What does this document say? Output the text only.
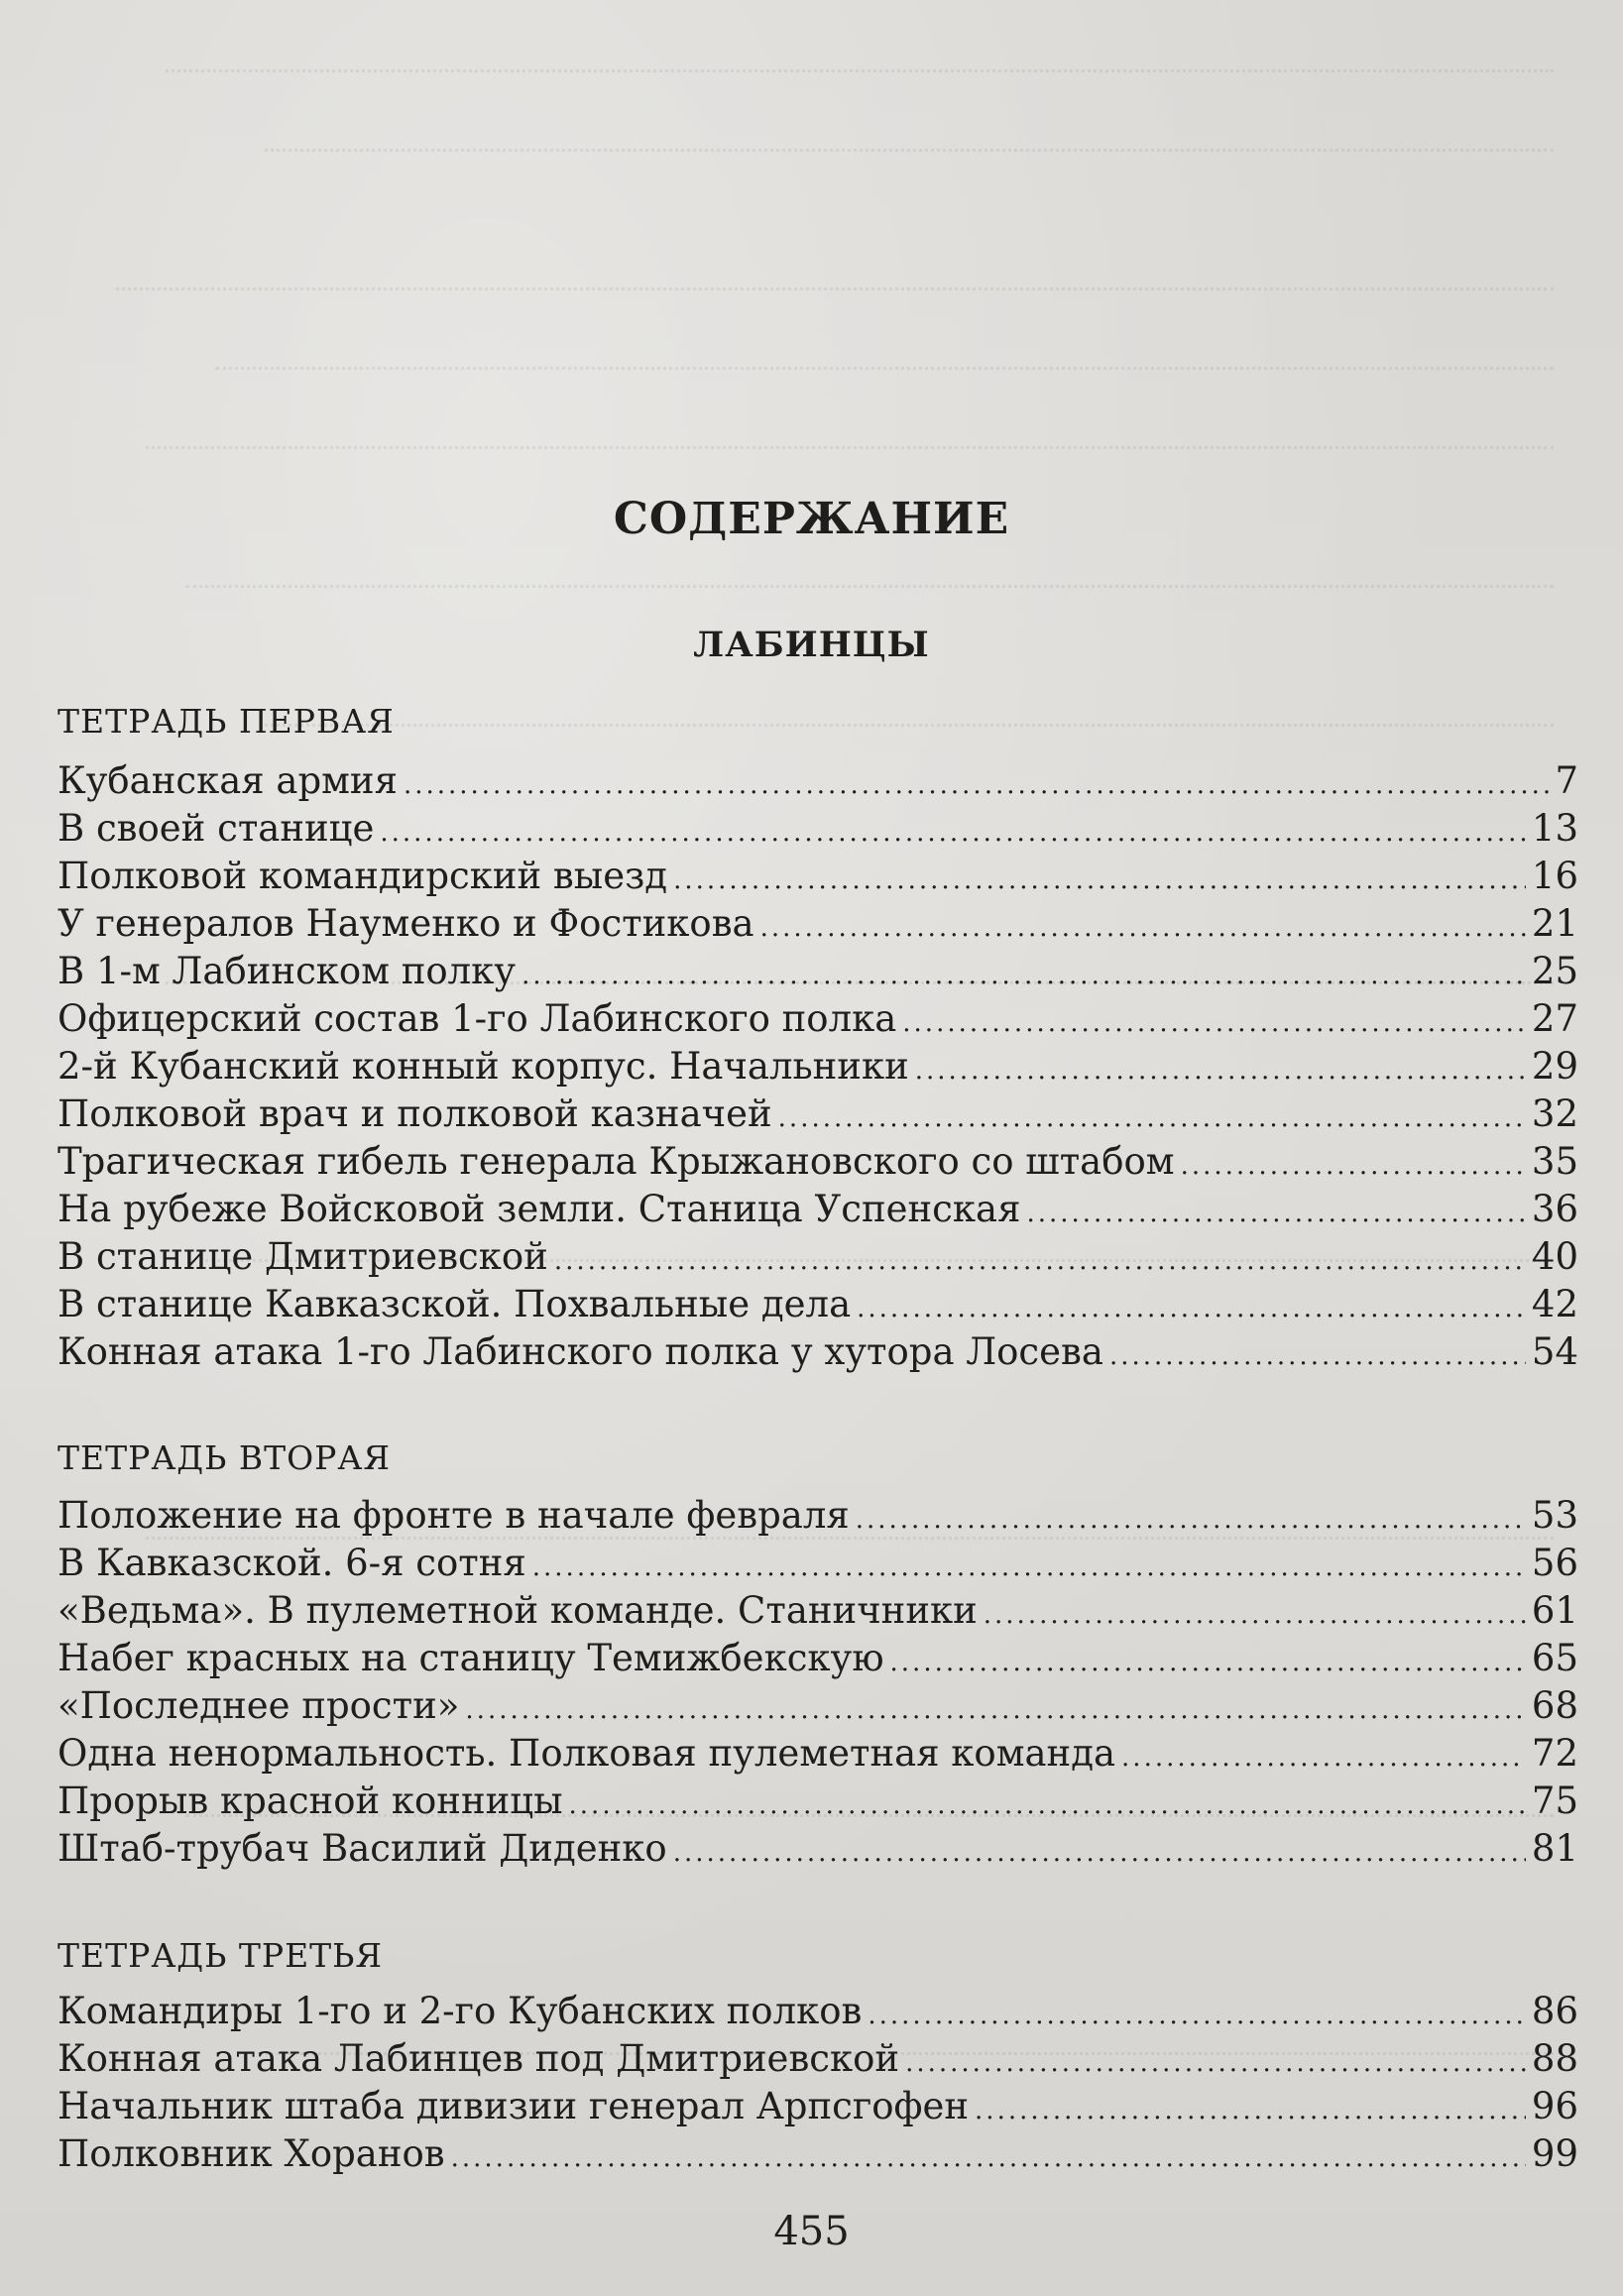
СОДЕРЖАНИЕ
ЛАБИНЦЫ
ТЕТРАДЬ ПЕРВАЯ
Кубанская армия .....	7
В своей станице .....	13
Полковой командирский выезд .....	16
У генералов Науменко и Фостикова .....	21
В 1-м Лабинском полку .....	25
Офицерский состав 1-го Лабинского полка .....	27
2-й Кубанский конный корпус. Начальники .....	29
Полковой врач и полковой казначей .....	32
Трагическая гибель генерала Крыжановского со штабом .....	35
На рубеже Войсковой земли. Станица Успенская .....	36
В станице Дмитриевской .....	40
В станице Кавказской. Похвальные дела .....	42
Конная атака 1-го Лабинского полка у хутора Лосева .....	54
ТЕТРАДЬ ВТОРАЯ
Положение на фронте в начале февраля .....	53
В Кавказской. 6-я сотня .....	56
«Ведьма». В пулеметной команде. Станичники .....	61
Набег красных на станицу Темижбекскую .....	65
«Последнее прости» .....	68
Одна ненормальность. Полковая пулеметная команда .....	72
Прорыв красной конницы .....	75
Штаб-трубач Василий Диденко .....	81
ТЕТРАДЬ ТРЕТЬЯ
Командиры 1-го и 2-го Кубанских полков .....	86
Конная атака Лабинцев под Дмитриевской .....	88
Начальник штаба дивизии генерал Арпсгофен .....	96
Полковник Хоранов .....	99
455
